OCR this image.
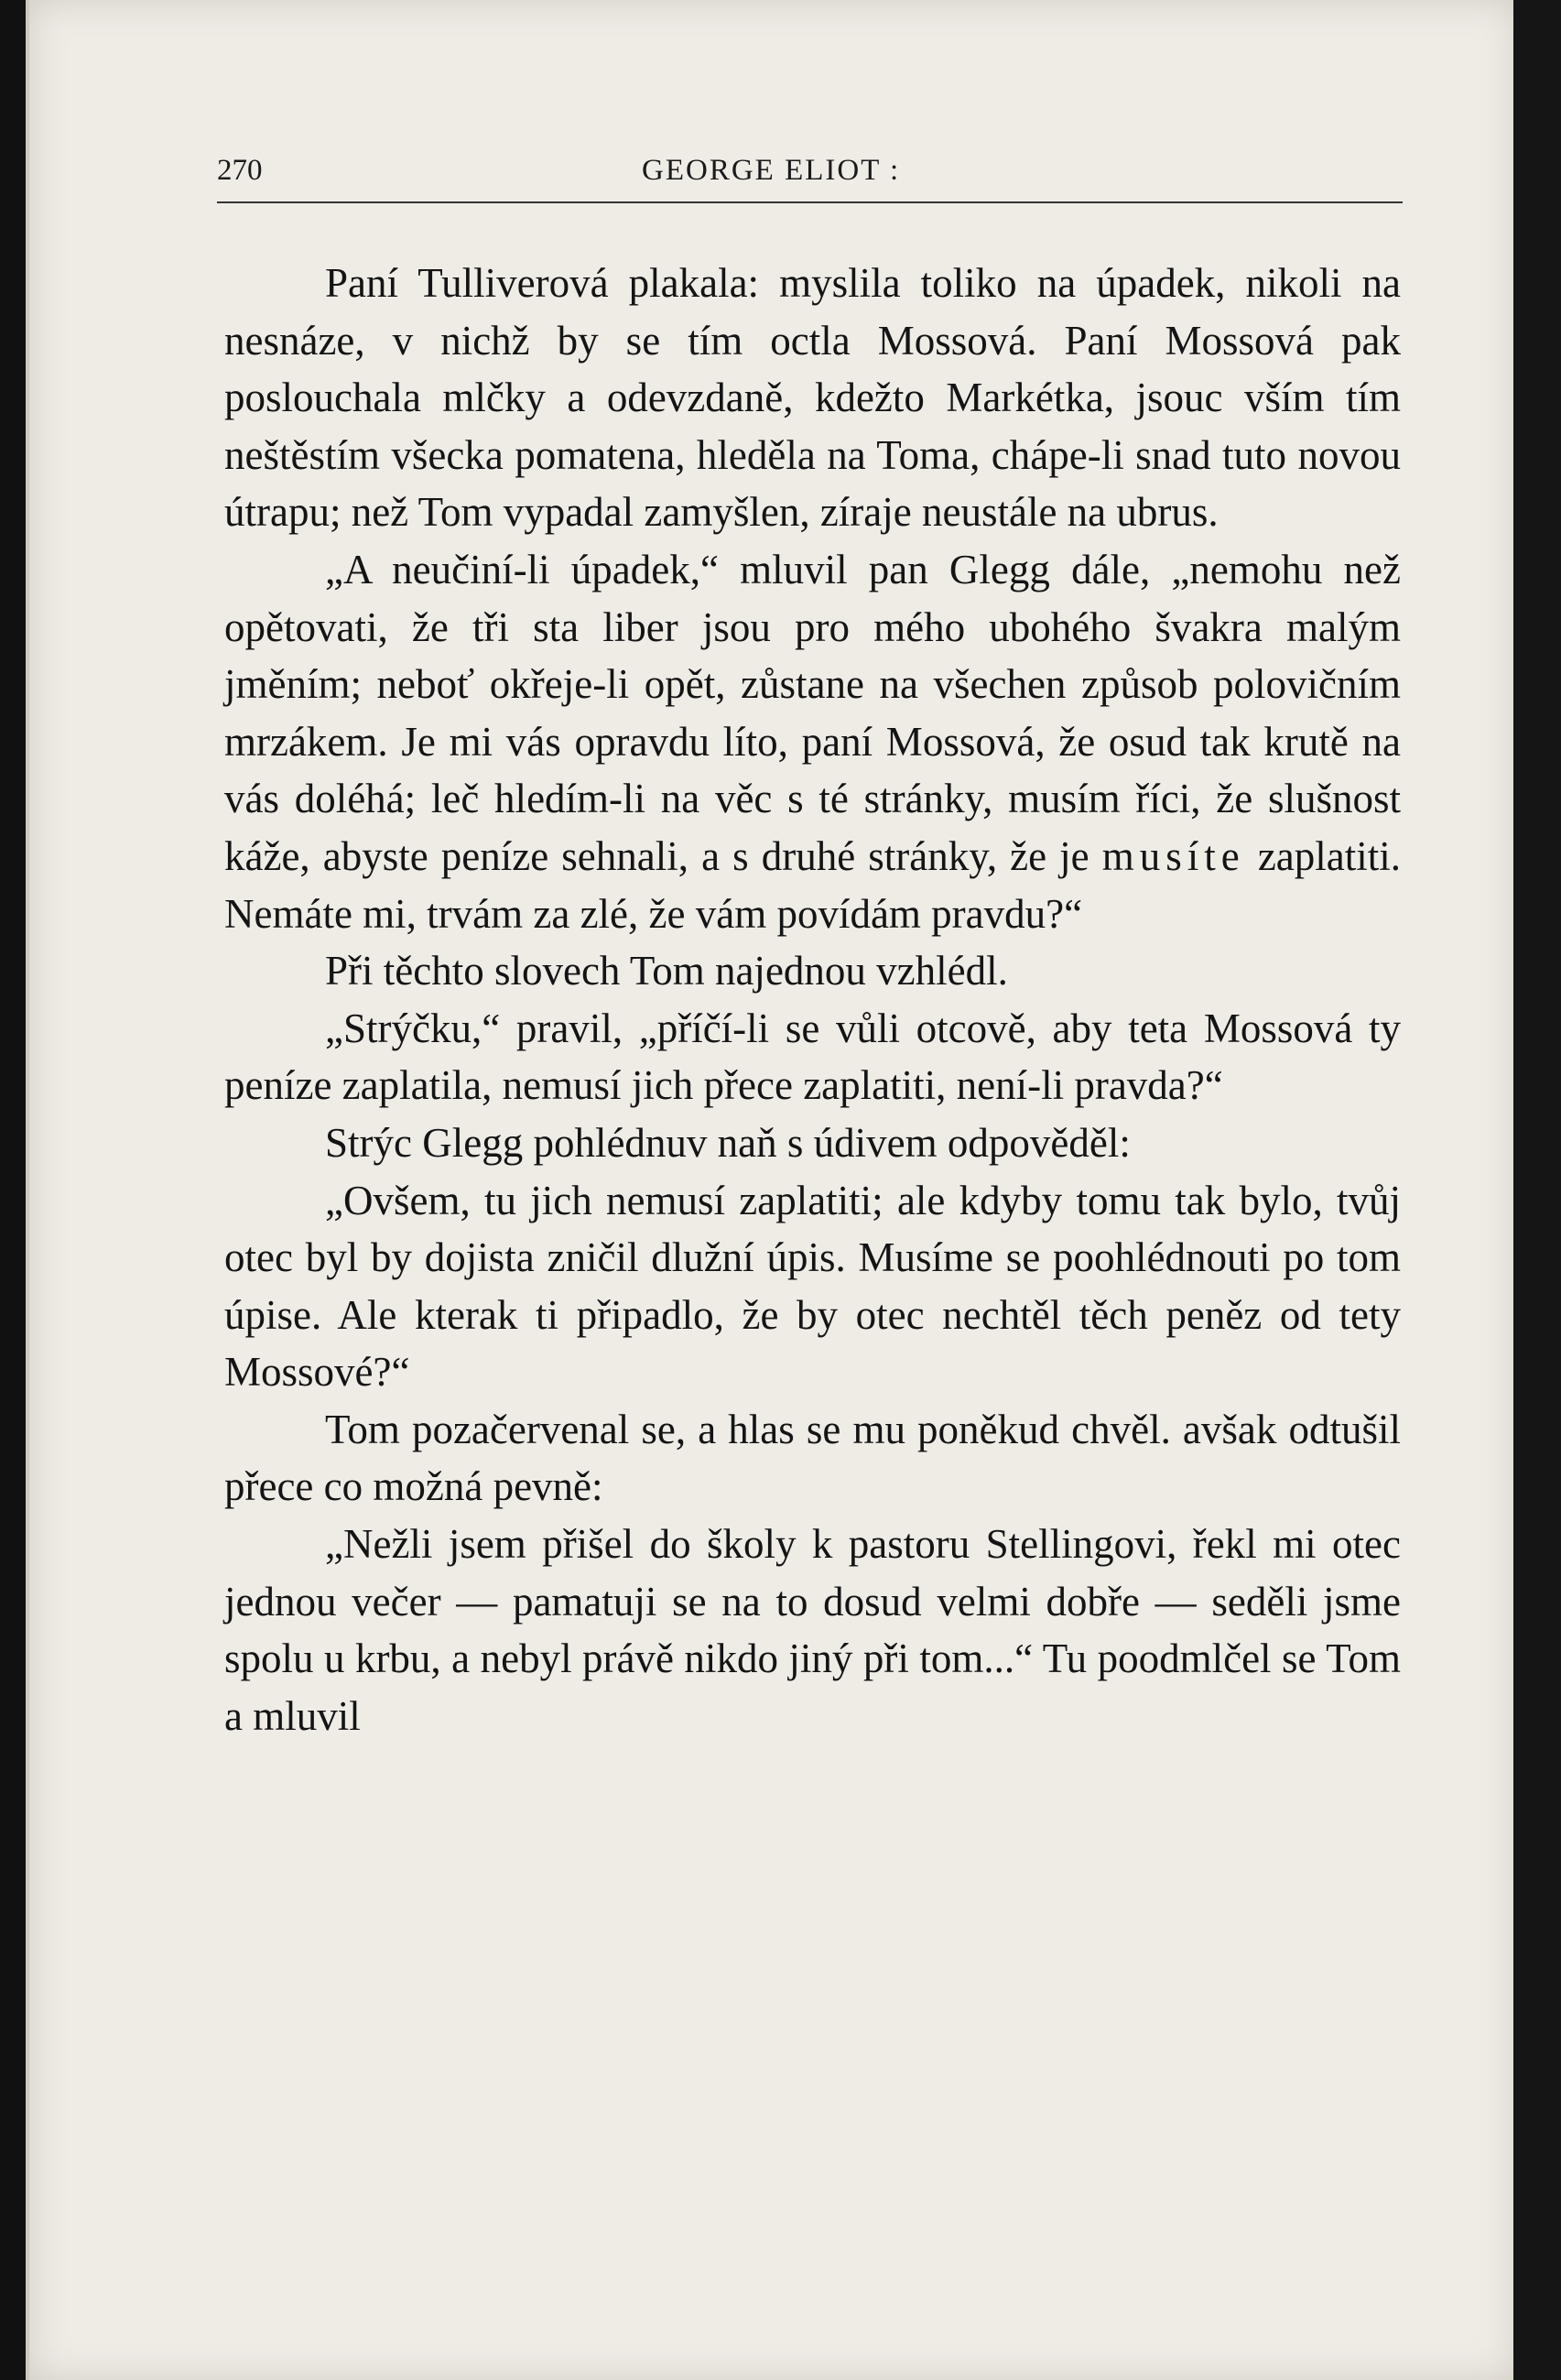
270	GEORGE ELIOT :

Paní Tulliverová plakala: myslila toliko na úpadek, nikoli na nesnáze, v nichž by se tím octla Mossová. Paní Mossová pak poslouchala mlčky a odevzdaně, kdežto Markétka, jsouc vším tím neštěstím všecka pomatena, hleděla na Toma, chápe-li snad tuto novou útrapu; než Tom vypadal zamyšlen, zíraje neustále na ubrus.

„A neučiní-li úpadek,“ mluvil pan Glegg dále, „nemohu než opětovati, že tři sta liber jsou pro mého ubohého švakra malým jměním; neboť okřeje-li opět, zůstane na všechen způsob polovičním mrzákem. Je mi vás opravdu líto, paní Mossová, že osud tak krutě na vás doléhá; leč hledím-li na věc s té stránky, musím říci, že slušnost káže, abyste peníze sehnali, a s druhé stránky, že je musíte zaplatiti. Nemáte mi, trvám za zlé, že vám povídám pravdu?“

Při těchto slovech Tom najednou vzhlédl.

„Strýčku,“ pravil, „příčí-li se vůli otcově, aby teta Mossová ty peníze zaplatila, nemusí jich přece zaplatiti, není-li pravda?“

Strýc Glegg pohlédnuv naň s údivem odpověděl:

„Ovšem, tu jich nemusí zaplatiti; ale kdyby tomu tak bylo, tvůj otec byl by dojista zničil dlužní úpis. Musíme se poohlédnouti po tom úpise. Ale kterak ti připadlo, že by otec nechtěl těch peněz od tety Mossové?“

Tom pozačervenal se, a hlas se mu poněkud chvěl. avšak odtušil přece co možná pevně:

„Nežli jsem přišel do školy k pastoru Stellingovi, řekl mi otec jednou večer — pamatuji se na to dosud velmi dobře — seděli jsme spolu u krbu, a nebyl právě nikdo jiný při tom...“ Tu poodmlčel se Tom a mluvil
